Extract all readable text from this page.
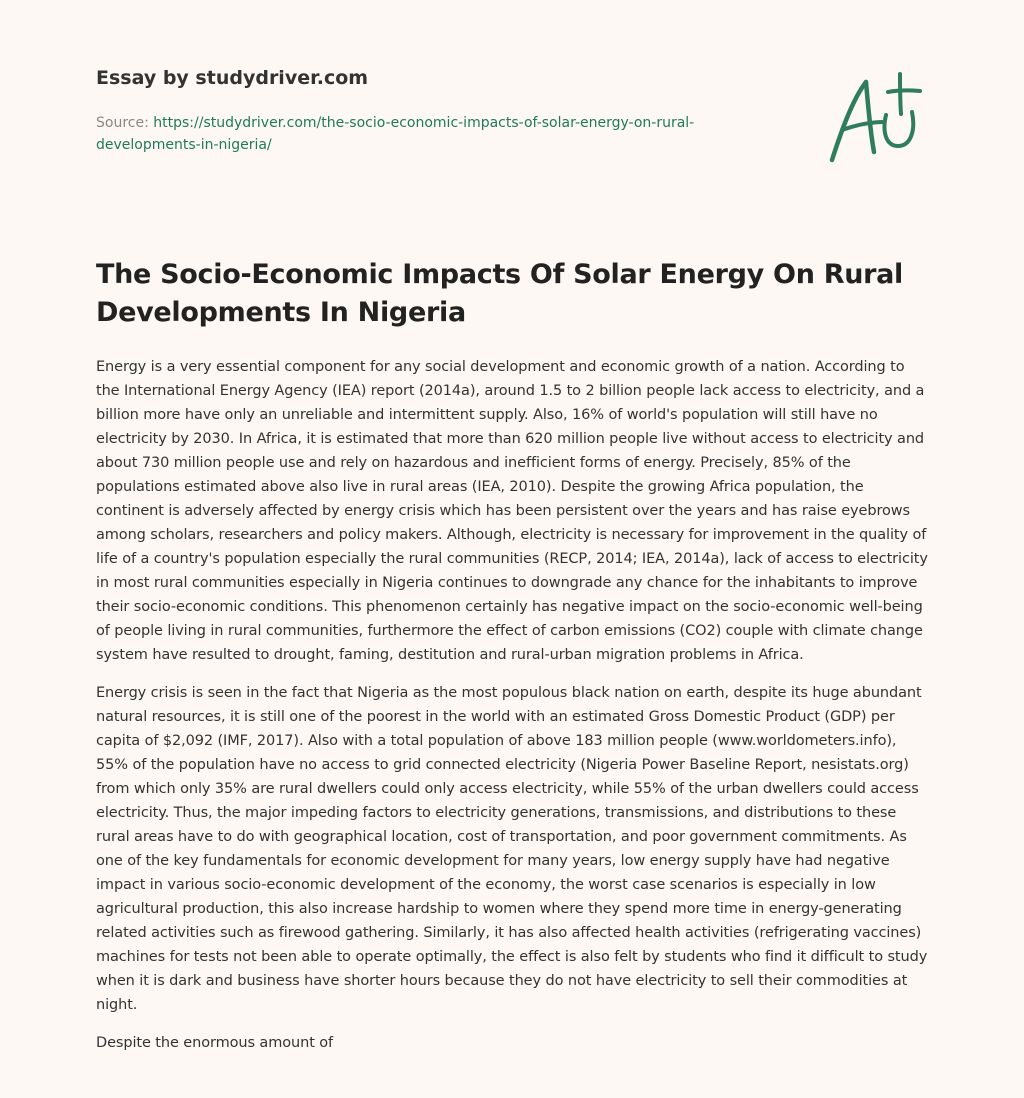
Essay by studydriver.com
Source: https://studydriver.com/the-socio-economic-impacts-of-solar-energy-on-rural-
developments-in-nigeria/
The Socio-Economic Impacts Of Solar Energy On Rural Developments In Nigeria

Energy is a very essential component for any social development and economic growth of a nation. According to the International Energy Agency (IEA) report (2014a), around 1.5 to 2 billion people lack access to electricity, and a billion more have only an unreliable and intermittent supply. Also, 16% of world's population will still have no electricity by 2030. In Africa, it is estimated that more than 620 million people live without access to electricity and about 730 million people use and rely on hazardous and inefficient forms of energy. Precisely, 85% of the populations estimated above also live in rural areas (IEA, 2010). Despite the growing Africa population, the continent is adversely affected by energy crisis which has been persistent over the years and has raise eyebrows among scholars, researchers and policy makers. Although, electricity is necessary for improvement in the quality of life of a country's population especially the rural communities (RECP, 2014; IEA, 2014a), lack of access to electricity in most rural communities especially in Nigeria continues to downgrade any chance for the inhabitants to improve their socio-economic conditions. This phenomenon certainly has negative impact on the socio-economic well-being of people living in rural communities, furthermore the effect of carbon emissions (CO2) couple with climate change system have resulted to drought, faming, destitution and rural-urban migration problems in Africa.

Energy crisis is seen in the fact that Nigeria as the most populous black nation on earth, despite its huge abundant natural resources, it is still one of the poorest in the world with an estimated Gross Domestic Product (GDP) per capita of $2,092 (IMF, 2017). Also with a total population of above 183 million people (www.worldometers.info), 55% of the population have no access to grid connected electricity (Nigeria Power Baseline Report, nesistats.org) from which only 35% are rural dwellers could only access electricity, while 55% of the urban dwellers could access electricity. Thus, the major impeding factors to electricity generations, transmissions, and distributions to these rural areas have to do with geographical location, cost of transportation, and poor government commitments. As one of the key fundamentals for economic development for many years, low energy supply have had negative impact in various socio-economic development of the economy, the worst case scenarios is especially in low agricultural production, this also increase hardship to women where they spend more time in energy-generating related activities such as firewood gathering. Similarly, it has also affected health activities (refrigerating vaccines) machines for tests not been able to operate optimally, the effect is also felt by students who find it difficult to study when it is dark and business have shorter hours because they do not have electricity to sell their commodities at night.

Despite the enormous amount of
